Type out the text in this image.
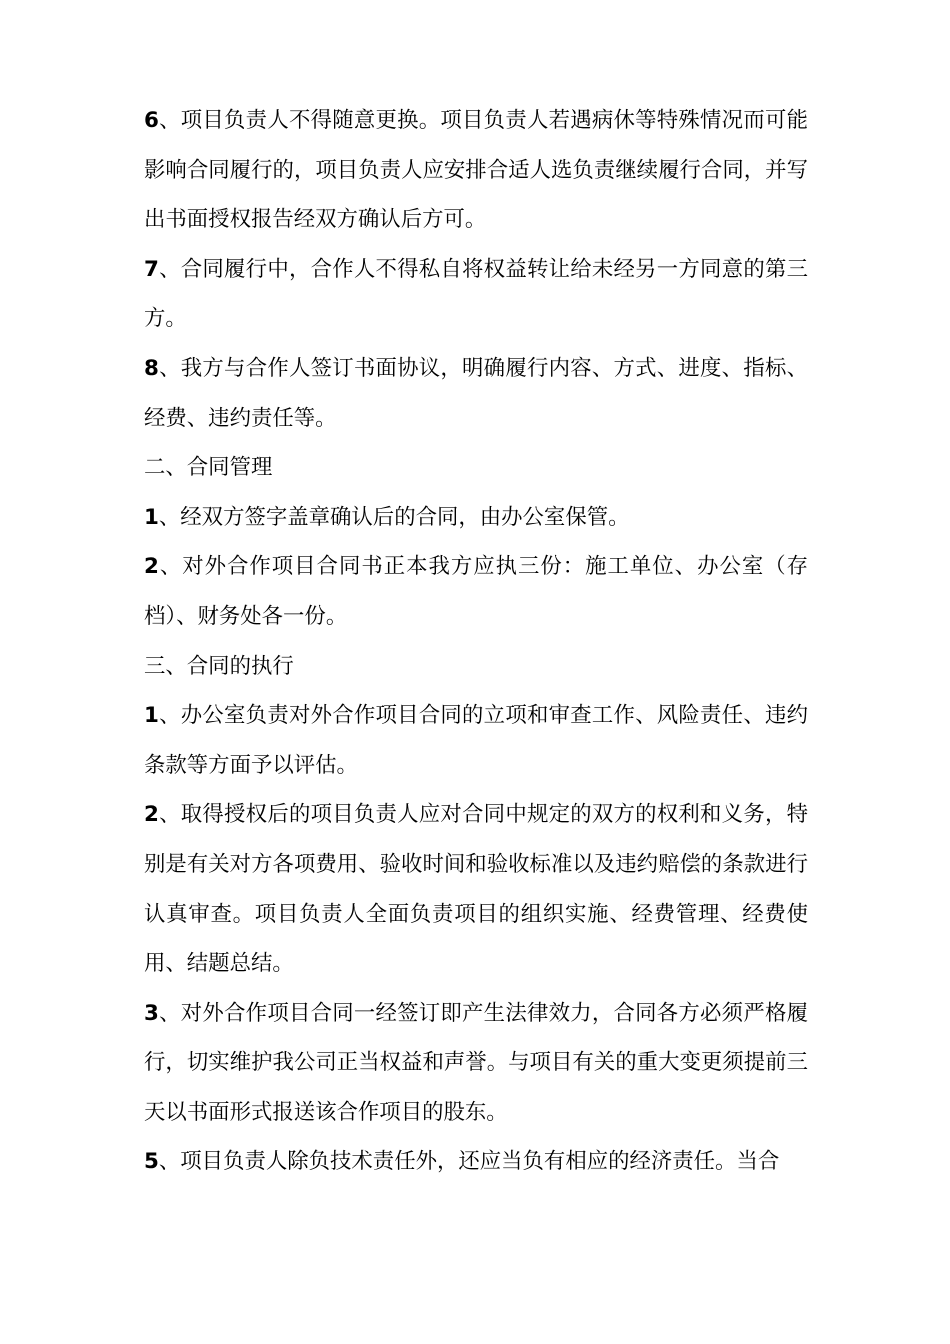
6、项目负责人不得随意更换。项目负责人若遇病休等特殊情况而可能影响合同履行的，项目负责人应安排合适人选负责继续履行合同，并写出书面授权报告经双方确认后方可。

7、合同履行中，合作人不得私自将权益转让给未经另一方同意的第三方。

8、我方与合作人签订书面协议，明确履行内容、方式、进度、指标、经费、违约责任等。

二、合同管理

1、经双方签字盖章确认后的合同，由办公室保管。

2、对外合作项目合同书正本我方应执三份：施工单位、办公室（存档）、财务处各一份。

三、合同的执行

1、办公室负责对外合作项目合同的立项和审查工作、风险责任、违约条款等方面予以评估。

2、取得授权后的项目负责人应对合同中规定的双方的权利和义务，特别是有关对方各项费用、验收时间和验收标准以及违约赔偿的条款进行认真审查。项目负责人全面负责项目的组织实施、经费管理、经费使用、结题总结。

3、对外合作项目合同一经签订即产生法律效力，合同各方必须严格履行，切实维护我公司正当权益和声誉。与项目有关的重大变更须提前三天以书面形式报送该合作项目的股东。

5、项目负责人除负技术责任外，还应当负有相应的经济责任。当合
